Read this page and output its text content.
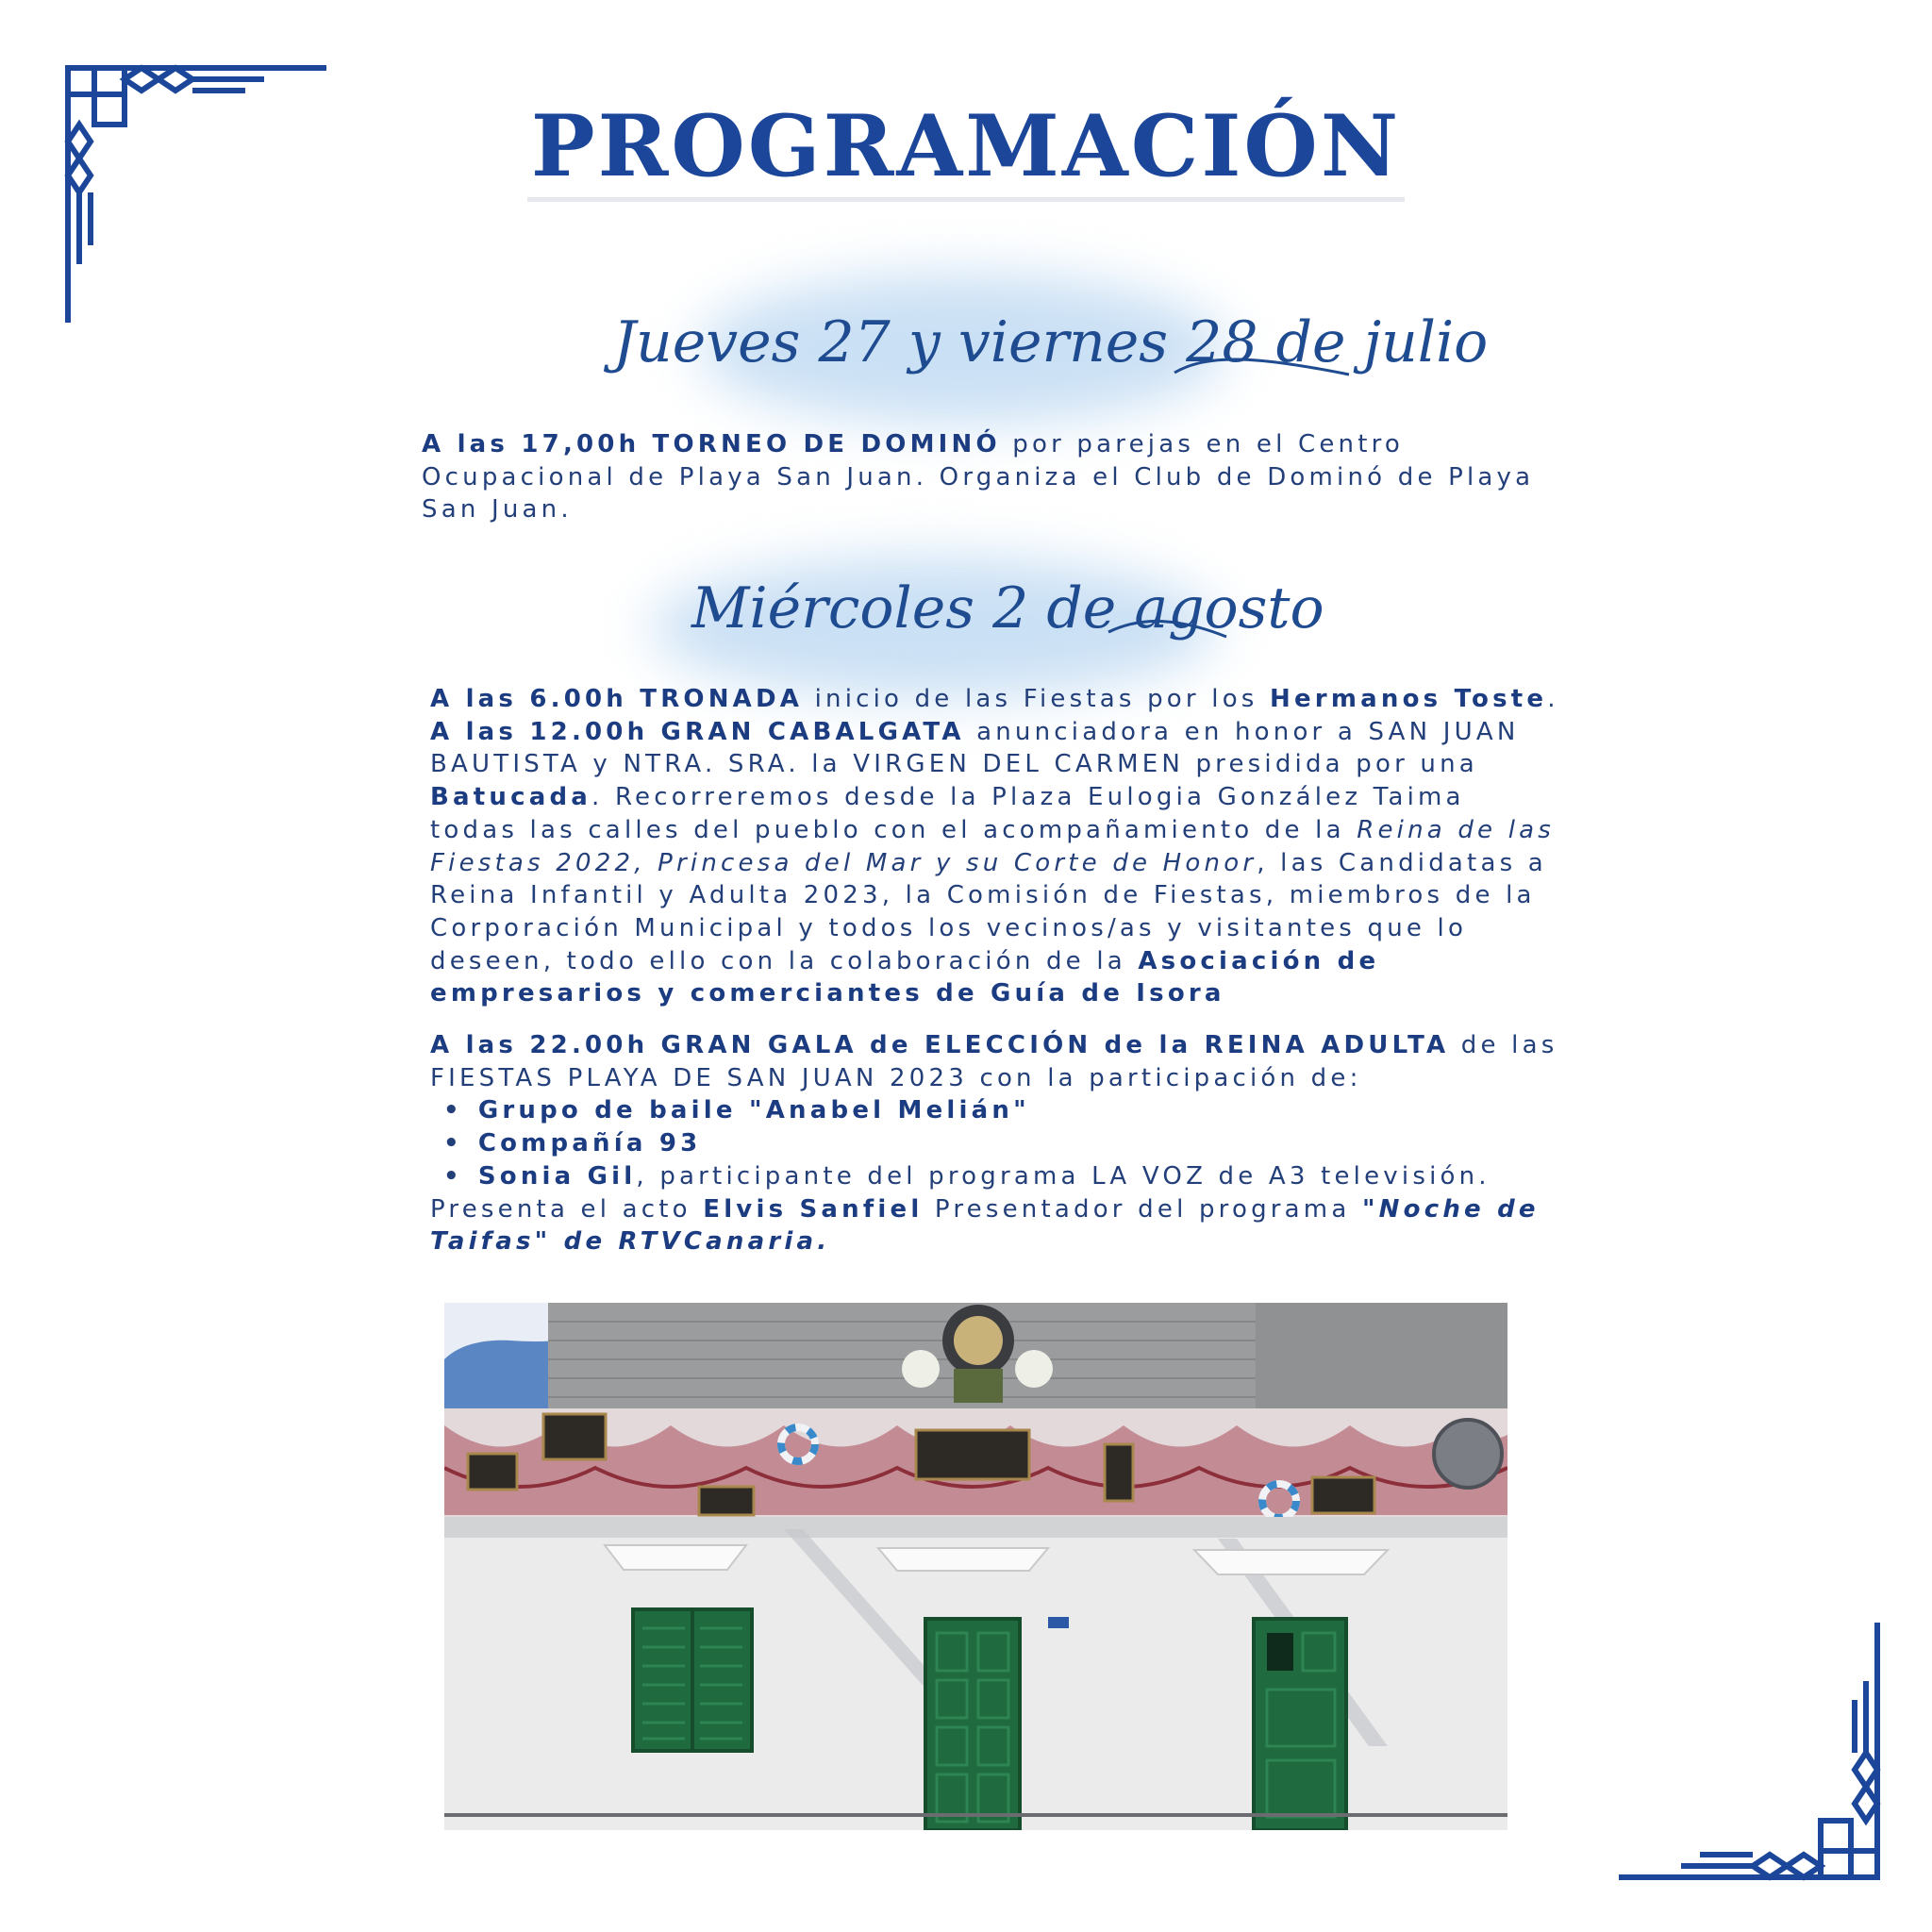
PROGRAMACIÓN
Jueves 27 y viernes 28 de julio

A las 17,00h TORNEO DE DOMINÓ por parejas en el Centro Ocupacional de Playa San Juan. Organiza el Club de Dominó de Playa San Juan.

Miércoles 2 de agosto
A las 6.00h TRONADA inicio de las Fiestas por los Hermanos Toste.
A las 12.00h GRAN CABALGATA anunciadora en honor a SAN JUAN BAUTISTA y NTRA. SRA. la VIRGEN DEL CARMEN presidida por una Batucada. Recorreremos desde la Plaza Eulogia González Taima todas las calles del pueblo con el acompañamiento de la Reina de las Fiestas 2022, Princesa del Mar y su Corte de Honor, las Candidatas a Reina Infantil y Adulta 2023, la Comisión de Fiestas, miembros de la Corporación Municipal y todos los vecinos/as y visitantes que lo deseen, todo ello con la colaboración de la Asociación de empresarios y comerciantes de Guía de Isora
A las 22.00h GRAN GALA de ELECCIÓN de la REINA ADULTA de las FIESTAS PLAYA DE SAN JUAN 2023 con la participación de:
• Grupo de baile "Anabel Melián"
• Compañía 93
• Sonia Gil, participante del programa LA VOZ de A3 televisión.
Presenta el acto Elvis Sanfiel Presentador del programa "Noche de Taifas" de RTVCanaria.
